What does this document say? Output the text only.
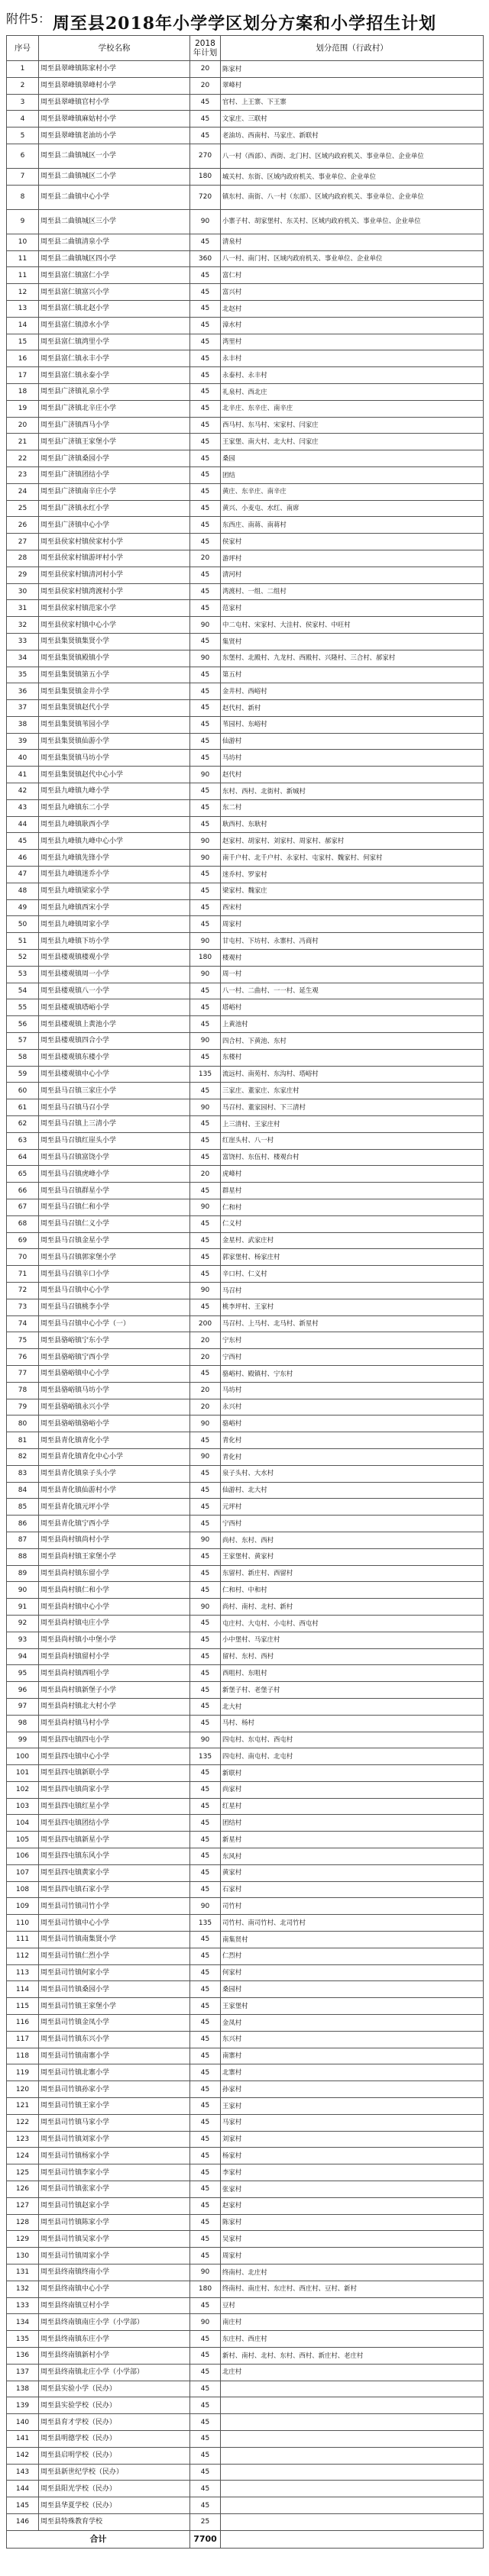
附件5： 周至县2018年小学学区划分方案和小学招生计划
序号	学校名称	2018年计划	划分范围（行政村）
1	周至县翠峰镇陈家村小学	20	陈家村
2	周至县翠峰镇翠峰村小学	20	翠峰村
3	周至县翠峰镇官村小学	45	官村、上王寨、下王寨
4	周至县翠峰镇麻姑村小学	45	文家庄、三联村
5	周至县翠峰镇老油坊小学	45	老油坊、西南村、马家庄、新联村
6	周至县二曲镇城区一小学	270	八一村（西部）、西街、北门村、区域内政府机关、事业单位、企业单位
7	周至县二曲镇城区二小学	180	城关村、东街、区域内政府机关、事业单位、企业单位
8	周至县二曲镇中心小学	720	镇东村、南街、八一村（东部）、区域内政府机关、事业单位、企业单位
9	周至县二曲镇城区三小学	90	小寨子村、胡家堡村、东关村、区域内政府机关、事业单位、企业单位
10	周至县二曲镇清泉小学	45	清泉村
11	周至县二曲镇城区四小学	360	八一村、南门村、区域内政府机关、事业单位、企业单位
11	周至县富仁镇富仁小学	45	富仁村
12	周至县富仁镇富兴小学	45	富兴村
13	周至县富仁镇北赵小学	45	北赵村
14	周至县富仁镇漳水小学	45	漳水村
15	周至县富仁镇湾里小学	45	湾里村
16	周至县富仁镇永丰小学	45	永丰村
17	周至县富仁镇永泰小学	45	永泰村、永丰村
18	周至县广济镇礼泉小学	45	礼泉村、西北庄
19	周至县广济镇北辛庄小学	45	北辛庄、东辛庄、南辛庄
20	周至县广济镇西马小学	45	西马村、东马村、宋家村、闫家庄
21	周至县广济镇王家堡小学	45	王家堡、南大村、北大村、闫家庄
22	周至县广济镇桑园小学	45	桑园
23	周至县广济镇团结小学	45	团结
24	周至县广济镇南辛庄小学	45	黄庄、东辛庄、南辛庄
25	周至县广济镇永红小学	45	黄兴、小麦屯、水红、南席
26	周至县广济镇中心小学	45	东西庄、南蒋、南蒋村
27	周至县侯家村镇侯家村小学	45	侯家村
28	周至县侯家村镇游坪村小学	20	游坪村
29	周至县侯家村镇清河村小学	45	清河村
30	周至县侯家村镇湾渡村小学	45	湾渡村、一组、二组村
31	周至县侯家村镇范家小学	45	范家村
32	周至县侯家村镇中心小学	90	中二屯村、宋家村、大洼村、侯家村、中旺村
33	周至县集贤镇集贤小学	45	集贤村
34	周至县集贤镇殿镇小学	90	东堡村、北殿村、九龙村、西殿村、兴隆村、三合村、郝家村
35	周至县集贤镇第五小学	45	第五村
36	周至县集贤镇金井小学	45	金井村、西峪村
37	周至县集贤镇赵代小学	45	赵代村、新村
38	周至县集贤镇苇园小学	45	苇园村、东峪村
39	周至县集贤镇仙游小学	45	仙游村
40	周至县集贤镇马坊小学	45	马坊村
41	周至县集贤镇赵代中心小学	90	赵代村
42	周至县九峰镇九峰小学	45	东村、西村、北街村、新城村
43	周至县九峰镇东二小学	45	东二村
44	周至县九峰镇耿西小学	45	耿西村、东耿村
45	周至县九峰镇九峰中心小学	90	赵家村、胡家村、刘家村、周家村、郝家村
46	周至县九峰镇先锋小学	90	南千户村、北千户村、永家村、屯家村、魏家村、何家村
47	周至县九峰镇迷乔小学	45	迷乔村、罗家村
48	周至县九峰镇梁家小学	45	梁家村、魏家庄
49	周至县九峰镇西宋小学	45	西宋村
50	周至县九峰镇周家小学	45	周家村
51	周至县九峰镇下坊小学	90	甘屯村、下坊村、永寨村、冯商村
52	周至县楼观镇楼观小学	180	楼观村
53	周至县楼观镇周一小学	90	周一村
54	周至县楼观镇八一小学	45	八一村、二曲村、一一村、延生观
55	周至县楼观镇塔峪小学	45	塔峪村
56	周至县楼观镇上黄池小学	45	上黄池村
57	周至县楼观镇四合小学	90	四合村、下黄池、东村
58	周至县楼观镇东楼小学	45	东楼村
59	周至县楼观镇中心小学	135	流远村、南苑村、东沟村、塔峪村
60	周至县马召镇三家庄小学	45	三家庄、董家庄、东家庄村
61	周至县马召镇马召小学	90	马召村、董家园村、下三清村
62	周至县马召镇上三清小学	45	上三清村、王家庄村
63	周至县马召镇红崖头小学	45	红崖头村、八一村
64	周至县马召镇富饶小学	45	富饶村、东伍村、楼观台村
65	周至县马召镇虎峰小学	20	虎峰村
66	周至县马召镇群星小学	45	群星村
67	周至县马召镇仁和小学	90	仁和村
68	周至县马召镇仁义小学	45	仁义村
69	周至县马召镇金星小学	45	金星村、武家庄村
70	周至县马召镇郭家堡小学	45	郭家堡村、杨家庄村
71	周至县马召镇辛口小学	45	辛口村、仁义村
72	周至县马召镇中心小学	90	马召村
73	周至县马召镇桃李小学	45	桃李坪村、王家村
74	周至县马召镇中心小学（一）	200	马召村、上马村、北马村、新星村
75	周至县骆峪镇宁东小学	20	宁东村
76	周至县骆峪镇宁西小学	20	宁西村
77	周至县骆峪镇中心小学	45	骆峪村、殿镇村、宁东村
78	周至县骆峪镇马坊小学	20	马坊村
79	周至县骆峪镇永兴小学	20	永兴村
80	周至县骆峪镇骆峪小学	90	骆峪村
81	周至县青化镇青化小学	45	青化村
82	周至县青化镇青化中心小学	90	青化村
83	周至县青化镇泉子头小学	45	泉子头村、大水村
84	周至县青化镇仙游村小学	45	仙游村、北大村
85	周至县青化镇元坪小学	45	元坪村
86	周至县青化镇宁西小学	45	宁西村
87	周至县尚村镇尚村小学	90	尚村、东村、西村
88	周至县尚村镇王家堡小学	45	王家堡村、黄家村
89	周至县尚村镇东留小学	45	东留村、新庄村、西留村
90	周至县尚村镇仁和小学	45	仁和村、中和村
91	周至县尚村镇中心小学	90	尚村、南村、北村、新村
92	周至县尚村镇屯庄小学	45	屯庄村、大屯村、小屯村、西屯村
93	周至县尚村镇小中堡小学	45	小中堡村、马家庄村
94	周至县尚村镇留村小学	45	留村、东村、西村
95	周至县尚村镇西咀小学	45	西咀村、东咀村
96	周至县尚村镇新堡子小学	45	新堡子村、老堡子村
97	周至县尚村镇北大村小学	45	北大村
98	周至县尚村镇马村小学	45	马村、杨村
99	周至县四屯镇四屯小学	90	四屯村、东屯村、西屯村
100	周至县四屯镇中心小学	135	四屯村、南屯村、北屯村
101	周至县四屯镇新联小学	45	新联村
102	周至县四屯镇尚家小学	45	尚家村
103	周至县四屯镇红星小学	45	红星村
104	周至县四屯镇团结小学	45	团结村
105	周至县四屯镇新星小学	45	新星村
106	周至县四屯镇东风小学	45	东风村
107	周至县四屯镇黄家小学	45	黄家村
108	周至县四屯镇石家小学	45	石家村
109	周至县司竹镇司竹小学	90	司竹村
110	周至县司竹镇中心小学	135	司竹村、南司竹村、北司竹村
111	周至县司竹镇南集贤小学	45	南集贤村
112	周至县司竹镇仁烈小学	45	仁烈村
113	周至县司竹镇何家小学	45	何家村
114	周至县司竹镇桑园小学	45	桑园村
115	周至县司竹镇王家堡小学	45	王家堡村
116	周至县司竹镇金凤小学	45	金凤村
117	周至县司竹镇东兴小学	45	东兴村
118	周至县司竹镇南寨小学	45	南寨村
119	周至县司竹镇北寨小学	45	北寨村
120	周至县司竹镇孙家小学	45	孙家村
121	周至县司竹镇王家小学	45	王家村
122	周至县司竹镇马家小学	45	马家村
123	周至县司竹镇刘家小学	45	刘家村
124	周至县司竹镇杨家小学	45	杨家村
125	周至县司竹镇李家小学	45	李家村
126	周至县司竹镇张家小学	45	张家村
127	周至县司竹镇赵家小学	45	赵家村
128	周至县司竹镇陈家小学	45	陈家村
129	周至县司竹镇吴家小学	45	吴家村
130	周至县司竹镇周家小学	45	周家村
131	周至县终南镇终南小学	90	终南村、北庄村
132	周至县终南镇中心小学	180	终南村、南庄村、东庄村、西庄村、豆村、新村
133	周至县终南镇豆村小学	45	豆村
134	周至县终南镇南庄小学（小学部）	90	南庄村
135	周至县终南镇东庄小学	45	东庄村、西庄村
136	周至县终南镇新村小学	45	新村、南村、北村、东村、西村、新庄村、老庄村
137	周至县终南镇北庄小学（小学部）	45	北庄村
138	周至县实验小学（民办）	45	
139	周至县实验学校（民办）	45	
140	周至县育才学校（民办）	45	
141	周至县明德学校（民办）	45	
142	周至县启明学校（民办）	45	
143	周至县新世纪学校（民办）	45	
144	周至县阳光学校（民办）	45	
145	周至县华夏学校（民办）	45	
146	周至县特殊教育学校	25	
合计		7700	
